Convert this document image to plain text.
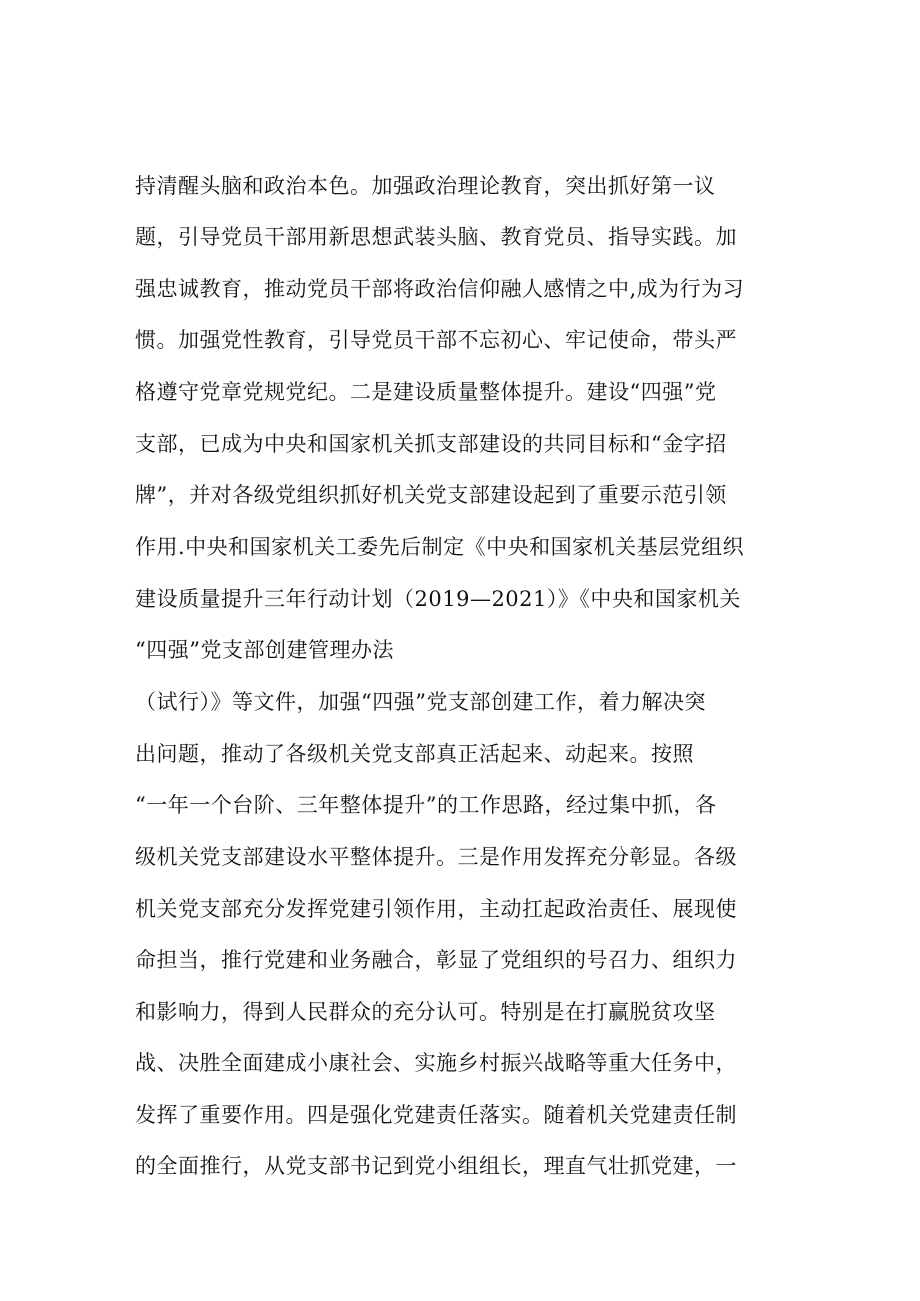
持清醒头脑和政治本色。加强政治理论教育，突出抓好第一议
题，引导党员干部用新思想武装头脑、教育党员、指导实践。加
强忠诚教育，推动党员干部将政治信仰融人感情之中,成为行为习
惯。加强党性教育，引导党员干部不忘初心、牢记使命，带头严
格遵守党章党规党纪。二是建设质量整体提升。建设“四强”党
支部，已成为中央和国家机关抓支部建设的共同目标和“金字招
牌”，并对各级党组织抓好机关党支部建设起到了重要示范引领
作用.中央和国家机关工委先后制定《中央和国家机关基层党组织
建设质量提升三年行动计划（2019—2021）》《中央和国家机关
“四强”党支部创建管理办法
（试行）》等文件，加强“四强”党支部创建工作，着力解决突
出问题，推动了各级机关党支部真正活起来、动起来。按照
“一年一个台阶、三年整体提升”的工作思路，经过集中抓，各
级机关党支部建设水平整体提升。三是作用发挥充分彰显。各级
机关党支部充分发挥党建引领作用，主动扛起政治责任、展现使
命担当，推行党建和业务融合，彰显了党组织的号召力、组织力
和影响力，得到人民群众的充分认可。特别是在打赢脱贫攻坚
战、决胜全面建成小康社会、实施乡村振兴战略等重大任务中，
发挥了重要作用。四是强化党建责任落实。随着机关党建责任制
的全面推行，从党支部书记到党小组组长，理直气壮抓党建，一
